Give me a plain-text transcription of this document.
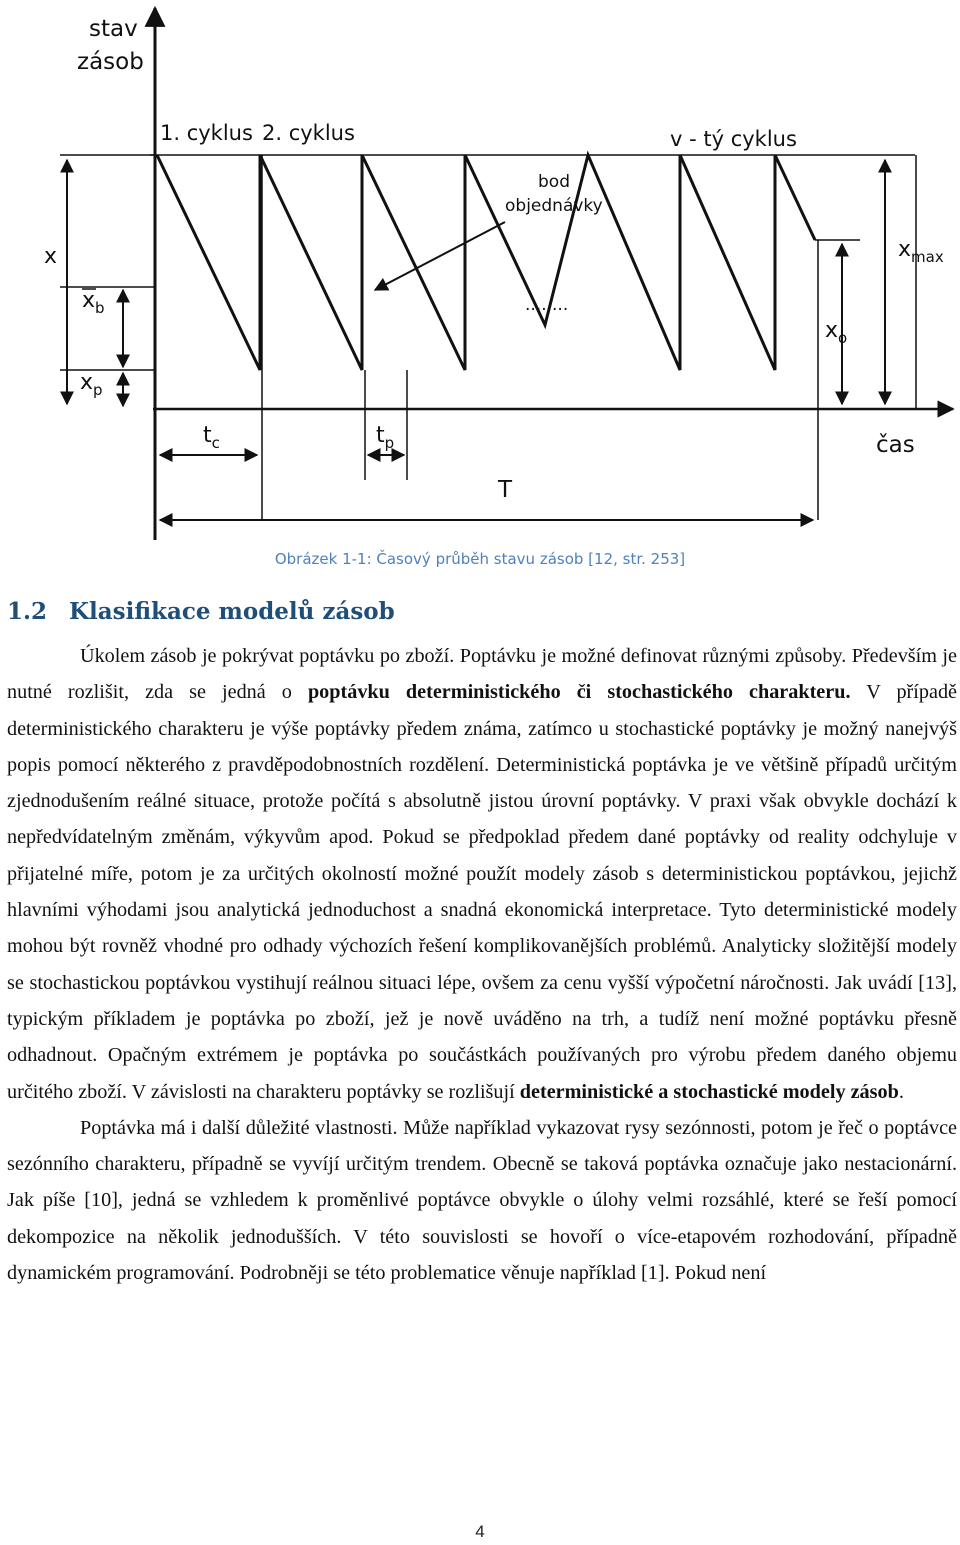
stav
zásob
čas
1. cyklus 2. cyklus	v - tý cyklus
bod
objednávky
........
x
$x_b$
$x_p$
$x_{max}$
$x_o$
$t_c$	$t_p$
T
Obrázek 1-1: Časový průběh stavu zásob [12, str. 253]
1.2 Klasifikace modelů zásob

Úkolem zásob je pokrývat poptávku po zboží. Poptávku je možné definovat různými způsoby. Především je nutné rozlišit, zda se jedná o poptávku deterministického či stochastického charakteru. V případě deterministického charakteru je výše poptávky předem známa, zatímco u stochastické poptávky je možný nanejvýš popis pomocí některého z pravděpodobnostních rozdělení. Deterministická poptávka je ve většině případů určitým zjednodušením reálné situace, protože počítá s absolutně jistou úrovní poptávky. V praxi však obvykle dochází k nepředvídatelným změnám, výkyvům apod. Pokud se předpoklad předem dané poptávky od reality odchyluje v přijatelné míře, potom je za určitých okolností možné použít modely zásob s deterministickou poptávkou, jejichž hlavními výhodami jsou analytická jednoduchost a snadná ekonomická interpretace. Tyto deterministické modely mohou být rovněž vhodné pro odhady výchozích řešení komplikovanějších problémů. Analyticky složitější modely se stochastickou poptávkou vystihují reálnou situaci lépe, ovšem za cenu vyšší výpočetní náročnosti. Jak uvádí [13], typickým příkladem je poptávka po zboží, jež je nově uváděno na trh, a tudíž není možné poptávku přesně odhadnout. Opačným extrémem je poptávka po součástkách používaných pro výrobu předem daného objemu určitého zboží. V závislosti na charakteru poptávky se rozlišují deterministické a stochastické modely zásob.

Poptávka má i další důležité vlastnosti. Může například vykazovat rysy sezónnosti, potom je řeč o poptávce sezónního charakteru, případně se vyvíjí určitým trendem. Obecně se taková poptávka označuje jako nestacionární. Jak píše [10], jedná se vzhledem k proměnlivé poptávce obvykle o úlohy velmi rozsáhlé, které se řeší pomocí dekompozice na několik jednodušších. V této souvislosti se hovoří o více-etapovém rozhodování, případně dynamickém programování. Podrobněji se této problematice věnuje například [1]. Pokud není

4
